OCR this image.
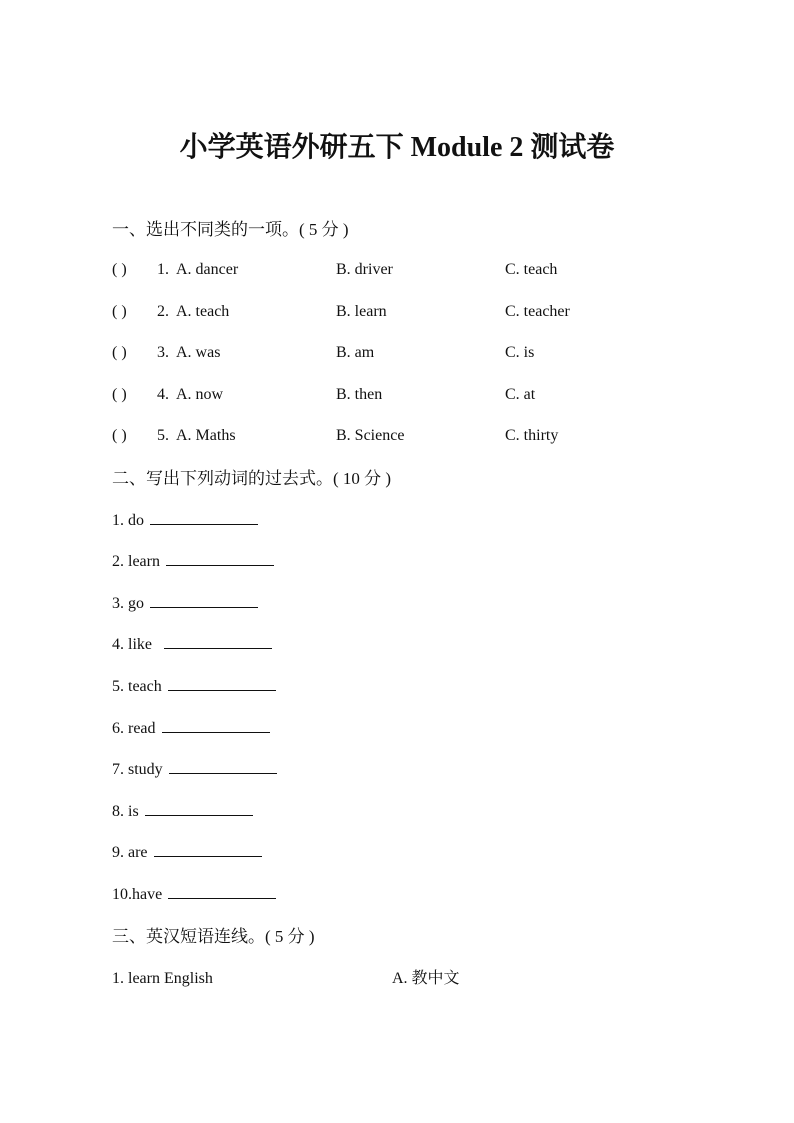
小学英语外研五下 Module 2 测试卷
一、选出不同类的一项。( 5 分 )
( ) 1. A. dancer	B. driver	C. teach
( ) 2. A. teach	B. learn	C. teacher
( ) 3. A. was	B. am	C. is
( ) 4. A. now	B. then	C. at
( ) 5. A. Maths	B. Science	C. thirty
二、写出下列动词的过去式。( 10 分 )
1. do
2. learn
3. go
4. like
5. teach
6. read
7. study
8. is
9. are
10.have
三、英汉短语连线。( 5 分 )
1. learn English	A. 教中文
